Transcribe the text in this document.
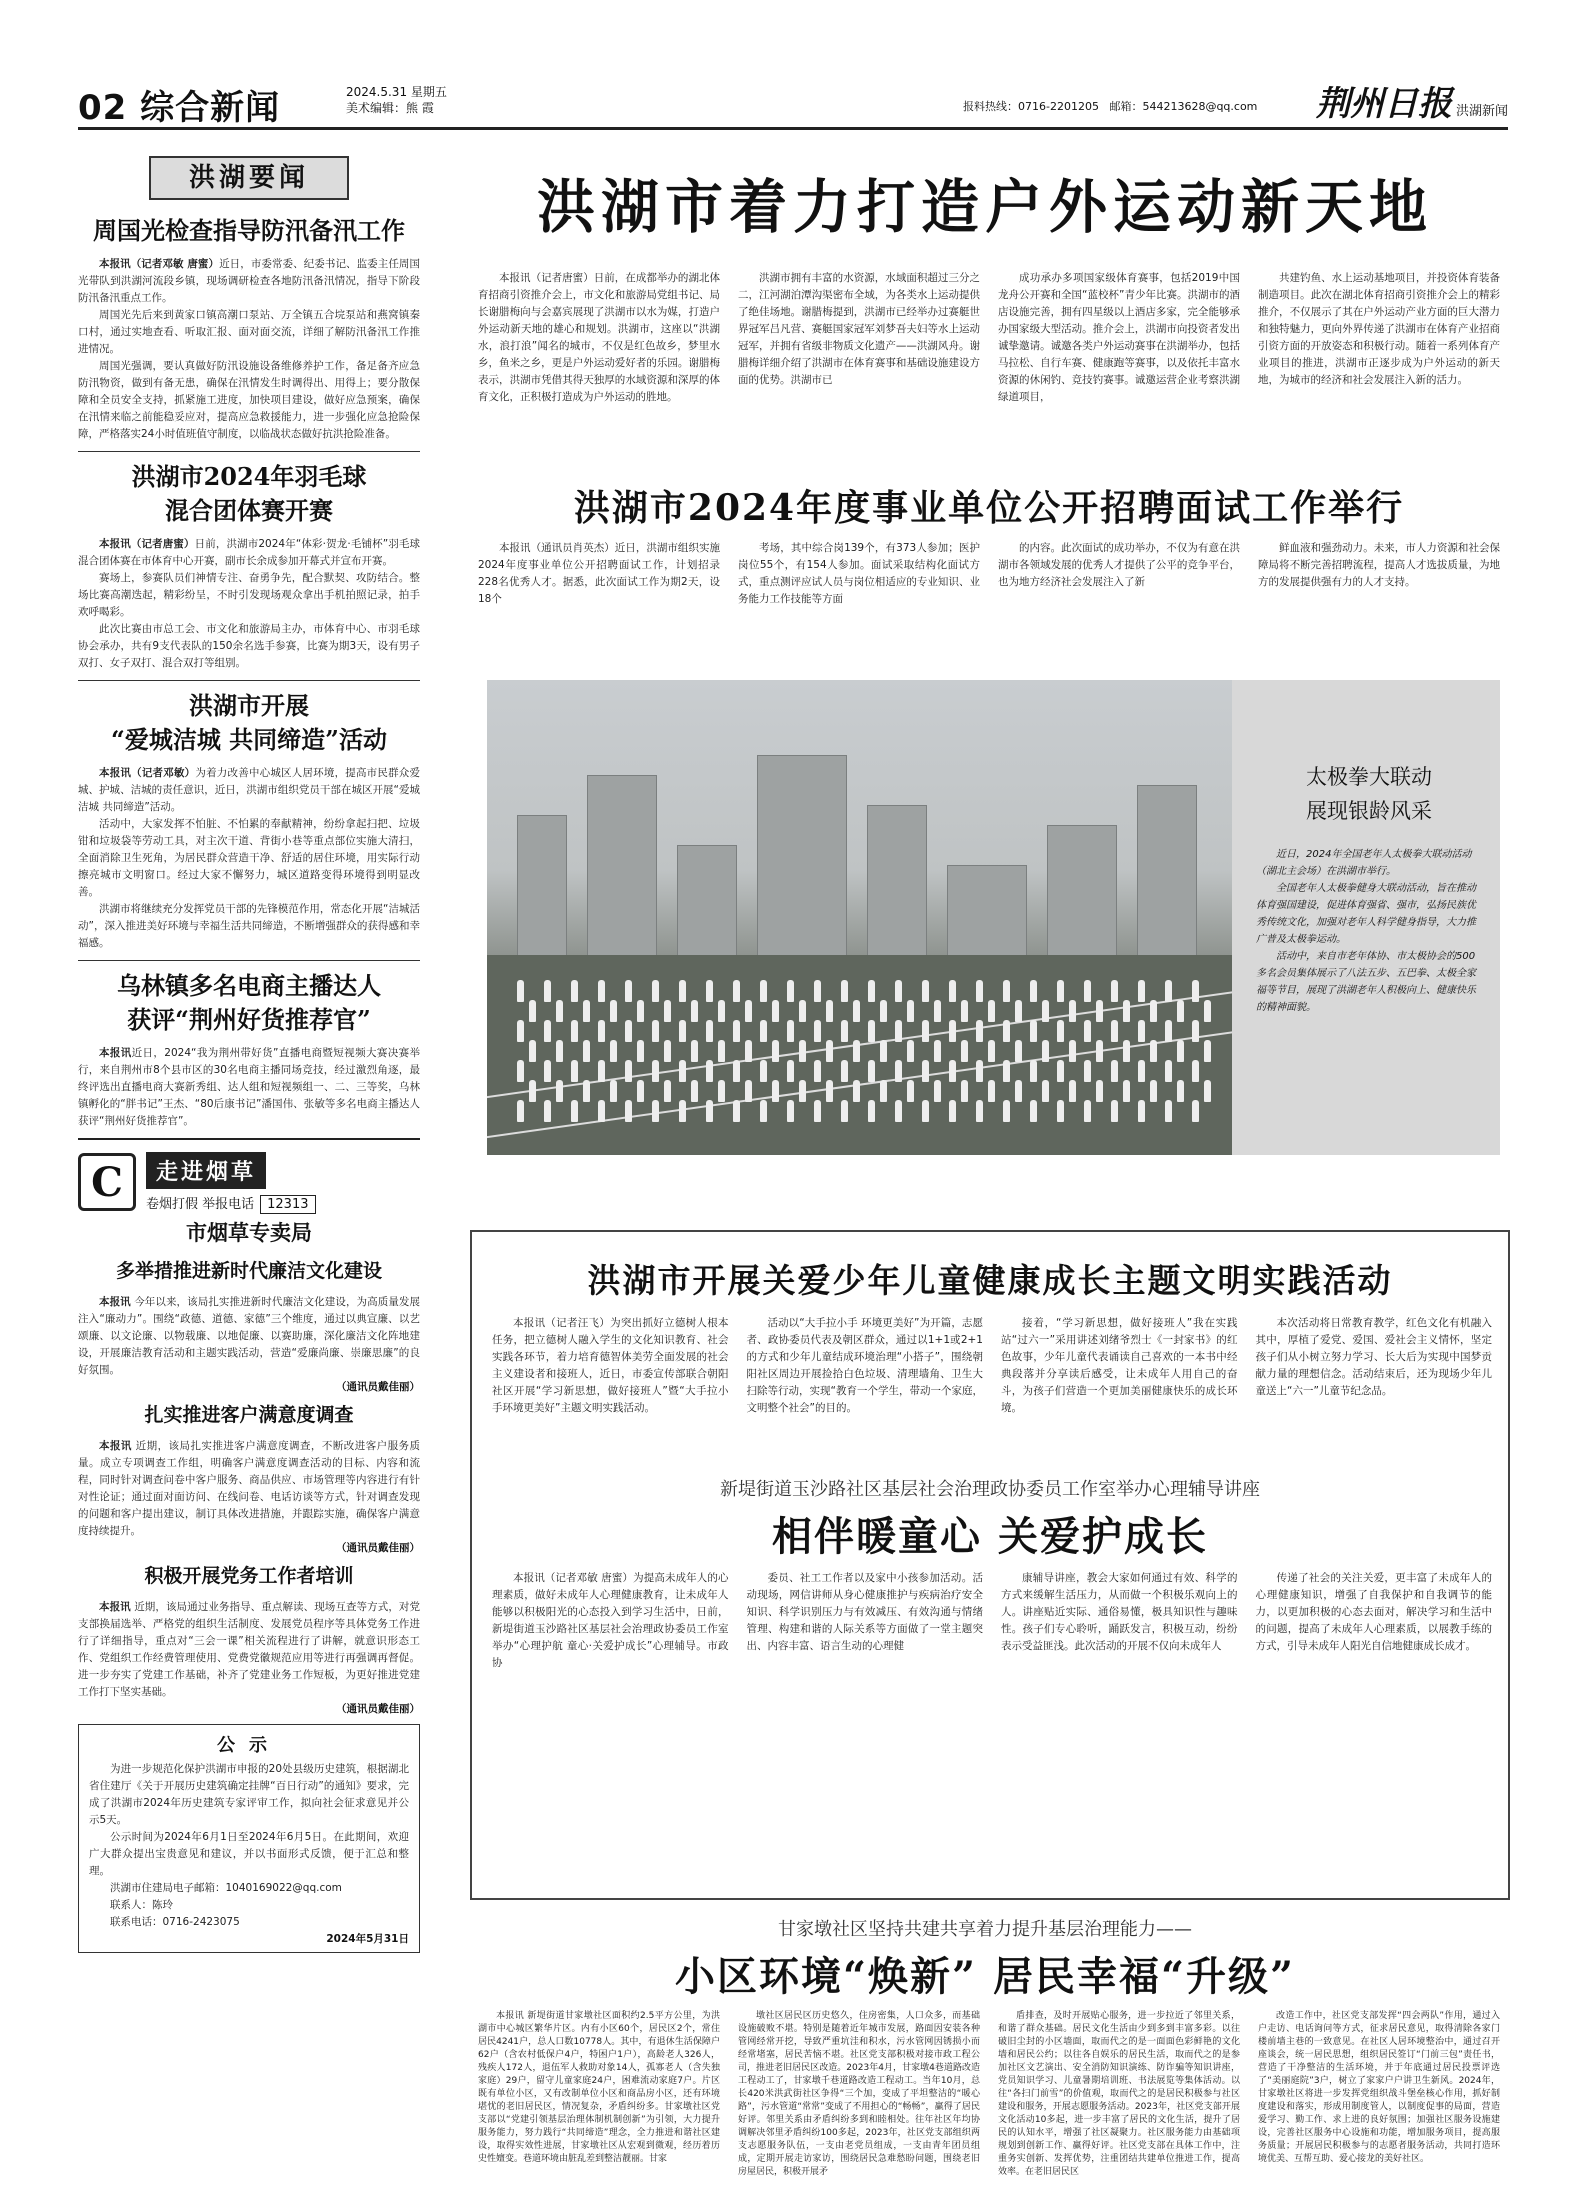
02 综合新闻	2024.5.31 星期五
美术编辑：熊 霞	报料热线：0716-2201205 邮箱：544213628@qq.com 荆州日报 洪湖新闻
洪湖要闻
周国光检查指导防汛备汛工作

本报讯（记者邓敏 唐蜜）近日，市委常委、纪委书记、监委主任周国光带队到洪湖河流段乡镇，现场调研检查各地防汛备汛情况，指导下阶段防汛备汛重点工作。

周国光先后来到黄家口镇高潮口泵站、万全镇五合垸泵站和燕窝镇秦口村，通过实地查看、听取汇报、面对面交流，详细了解防汛备汛工作推进情况。

周国光强调，要认真做好防汛设施设备维修养护工作，备足备齐应急防汛物资，做到有备无患，确保在汛情发生时调得出、用得上；要分散保障和全员安全支持，抓紧施工进度，加快项目建设，做好应急预案，确保在汛情来临之前能稳妥应对，提高应急救援能力，进一步强化应急抢险保障，严格落实24小时值班值守制度，以临战状态做好抗洪抢险准备。

洪湖市2024年羽毛球
混合团体赛开赛

本报讯（记者唐蜜）日前，洪湖市2024年“体彩·贺龙·毛铺杯”羽毛球混合团体赛在市体育中心开赛，副市长余成参加开幕式并宣布开赛。

赛场上，参赛队员们神情专注、奋勇争先，配合默契、攻防结合。整场比赛高潮迭起，精彩纷呈，不时引发现场观众拿出手机拍照记录，拍手欢呼喝彩。

此次比赛由市总工会、市文化和旅游局主办，市体育中心、市羽毛球协会承办，共有9支代表队的150余名选手参赛，比赛为期3天，设有男子双打、女子双打、混合双打等组别。

洪湖市开展
“爱城洁城 共同缔造”活动

本报讯（记者邓敏）为着力改善中心城区人居环境，提高市民群众爱城、护城、洁城的责任意识，近日，洪湖市组织党员干部在城区开展“爱城洁城 共同缔造”活动。

活动中，大家发挥不怕脏、不怕累的奉献精神，纷纷拿起扫把、垃圾钳和垃圾袋等劳动工具，对主次干道、背街小巷等重点部位实施大清扫，全面消除卫生死角，为居民群众营造干净、舒适的居住环境，用实际行动擦亮城市文明窗口。经过大家不懈努力，城区道路变得环境得到明显改善。

洪湖市将继续充分发挥党员干部的先锋模范作用，常态化开展“洁城活动”，深入推进美好环境与幸福生活共同缔造，不断增强群众的获得感和幸福感。

乌林镇多名电商主播达人
获评“荆州好货推荐官”

本报讯近日，2024“我为荆州带好货”直播电商暨短视频大赛决赛举行，来自荆州市8个县市区的30名电商主播同场竞技，经过激烈角逐，最终评选出直播电商大赛新秀组、达人组和短视频组一、二、三等奖，乌林镇孵化的“胖书记”王杰、“80后康书记”潘国伟、张敏等多名电商主播达人获评“荆州好货推荐官”。

C	走进烟草
卷烟打假 举报电话 12313
市烟草专卖局
多举措推进新时代廉洁文化建设

本报讯 今年以来，该局扎实推进新时代廉洁文化建设，为高质量发展注入“廉动力”。围绕“政德、道德、家德”三个维度，通过以典宣廉、以艺颂廉、以文论廉、以物载廉、以地促廉、以赛助廉，深化廉洁文化阵地建设，开展廉洁教育活动和主题实践活动，营造“爱廉尚廉、崇廉思廉”的良好氛围。

（通讯员戴佳丽）
扎实推进客户满意度调查

本报讯 近期，该局扎实推进客户满意度调查，不断改进客户服务质量。成立专项调查工作组，明确客户满意度调查活动的目标、内容和流程，同时针对调查问卷中客户服务、商品供应、市场管理等内容进行有针对性论证；通过面对面访问、在线问卷、电话访谈等方式，针对调查发现的问题和客户提出建议，制订具体改进措施，并跟踪实施，确保客户满意度持续提升。

（通讯员戴佳丽）
积极开展党务工作者培训

本报讯 近期，该局通过业务指导、重点解读、现场互查等方式，对党支部换届选举、严格党的组织生活制度、发展党员程序等具体党务工作进行了详细指导，重点对“三会一课”相关流程进行了讲解，就意识形态工作、党组织工作经费管理使用、党费党徽规范应用等进行再强调再督促。进一步夯实了党建工作基础，补齐了党建业务工作短板，为更好推进党建工作打下坚实基础。

（通讯员戴佳丽）
公示

为进一步规范化保护洪湖市申报的20处县级历史建筑，根据湖北省住建厅《关于开展历史建筑确定挂牌“百日行动”的通知》要求，完成了洪湖市2024年历史建筑专家评审工作，拟向社会征求意见并公示5天。

公示时间为2024年6月1日至2024年6月5日。在此期间，欢迎广大群众提出宝贵意见和建议，并以书面形式反馈，便于汇总和整理。

洪湖市住建局电子邮箱：1040169022@qq.com

联系人：陈玲

联系电话：0716-2423075

2024年5月31日
洪湖市着力打造户外运动新天地

本报讯（记者唐蜜）日前，在成都举办的湖北体育招商引资推介会上，市文化和旅游局党组书记、局长谢腊梅向与会嘉宾展现了洪湖市以水为媒，打造户外运动新天地的雄心和规划。洪湖市，这座以“洪湖水，浪打浪”闻名的城市，不仅是红色故乡，梦里水乡，鱼米之乡，更是户外运动爱好者的乐园。谢腊梅表示，洪湖市凭借其得天独厚的水域资源和深厚的体育文化，正积极打造成为户外运动的胜地。

洪湖市拥有丰富的水资源，水域面积超过三分之二，江河湖泊潭沟渠密布全域，为各类水上运动提供了绝佳场地。谢腊梅提到，洪湖市已经举办过赛艇世界冠军吕凡营、赛艇国家冠军刘梦吾夫妇等水上运动冠军，并拥有省级非物质文化遗产——洪湖风舟。谢腊梅详细介绍了洪湖市在体育赛事和基础设施建设方面的优势。洪湖市已

成功承办多项国家级体育赛事，包括2019中国龙舟公开赛和全国“蓝校杯”青少年比赛。洪湖市的酒店设施完善，拥有四星级以上酒店多家，完全能够承办国家级大型活动。推介会上，洪湖市向投资者发出诚挚邀请。诚邀各类户外运动赛事在洪湖举办，包括马拉松、自行车赛、健康跑等赛事，以及依托丰富水资源的休闲钓、竞技钓赛事。诚邀运营企业考察洪湖绿道项目，

共建钓鱼、水上运动基地项目，并投资体育装备制造项目。此次在湖北体育招商引资推介会上的精彩推介，不仅展示了其在户外运动产业方面的巨大潜力和独特魅力，更向外界传递了洪湖市在体育产业招商引资方面的开放姿态和积极行动。随着一系列体育产业项目的推进，洪湖市正逐步成为户外运动的新天地，为城市的经济和社会发展注入新的活力。

洪湖市2024年度事业单位公开招聘面试工作举行

本报讯（通讯员肖英杰）近日，洪湖市组织实施2024年度事业单位公开招聘面试工作，计划招录228名优秀人才。据悉，此次面试工作为期2天，设18个

考场，其中综合岗139个，有373人参加；医护岗位55个，有154人参加。面试采取结构化面试方式，重点测评应试人员与岗位相适应的专业知识、业务能力工作技能等方面

的内容。此次面试的成功举办，不仅为有意在洪湖市各领域发展的优秀人才提供了公平的竞争平台，也为地方经济社会发展注入了新

鲜血液和强劲动力。未来，市人力资源和社会保障局将不断完善招聘流程，提高人才选拔质量，为地方的发展提供强有力的人才支持。

太极拳大联动
展现银龄风采

近日，2024年全国老年人太极拳大联动活动（湖北主会场）在洪湖市举行。

全国老年人太极拳健身大联动活动，旨在推动体育强国建设，促进体育强省、强市，弘扬民族优秀传统文化，加强对老年人科学健身指导，大力推广普及太极拳运动。

活动中，来自市老年体协、市太极协会的500多名会员集体展示了八法五步、五巴拳、太极全家福等节目，展现了洪湖老年人积极向上、健康快乐的精神面貌。

洪湖市开展关爱少年儿童健康成长主题文明实践活动

本报讯（记者汪飞）为突出抓好立德树人根本任务，把立德树人融入学生的文化知识教育、社会实践各环节，着力培育德智体美劳全面发展的社会主义建设者和接班人，近日，市委宣传部联合朝阳社区开展“学习新思想，做好接班人”暨“大手拉小手环境更美好”主题文明实践活动。

活动以“大手拉小手 环境更美好”为开篇，志愿者、政协委员代表及朝区群众，通过以1+1或2+1的方式和少年儿童结成环境治理“小搭子”，围绕朝阳社区周边开展捡拾白色垃圾、清理墙角、卫生大扫除等行动，实现“教育一个学生，带动一个家庭，文明整个社会”的目的。

接着，“学习新思想，做好接班人”我在实践站“过六一”采用讲述刘绪爷烈士《一封家书》的红色故事，少年儿童代表诵读自己喜欢的一本书中经典段落并分享读后感受，让未成年人用自己的奋斗，为孩子们营造一个更加美丽健康快乐的成长环境。

本次活动将日常教育教学，红色文化有机融入其中，厚植了爱党、爱国、爱社会主义情怀，坚定孩子们从小树立努力学习、长大后为实现中国梦贡献力量的理想信念。活动结束后，还为现场少年儿童送上“六一”儿童节纪念品。

新堤街道玉沙路社区基层社会治理政协委员工作室举办心理辅导讲座
相伴暖童心 关爱护成长

本报讯（记者邓敏 唐蜜）为提高未成年人的心理素质，做好未成年人心理健康教育，让未成年人能够以积极阳光的心态投入到学习生活中，日前，新堤街道玉沙路社区基层社会治理政协委员工作室举办“心理护航 童心·关爱护成长”心理辅导。市政协

委员、社工工作者以及家中小孩参加活动。活动现场，网信讲师从身心健康推护与疾病治疗安全知识、科学识别压力与有效减压、有效沟通与情绪管理、构建和谐的人际关系等方面做了一堂主题突出、内容丰富、语言生动的心理健

康辅导讲座，教会大家如何通过有效、科学的方式来缓解生活压力，从而做一个积极乐观向上的人。讲座贴近实际、通俗易懂，极具知识性与趣味性。孩子们专心聆听，踊跃发言，积极互动，纷纷表示受益匪浅。此次活动的开展不仅向未成年人

传递了社会的关注关爱，更丰富了未成年人的心理健康知识，增强了自我保护和自我调节的能力，以更加积极的心态去面对，解决学习和生活中的问题，提高了未成年人心理素质，以展教手练的方式，引导未成年人阳光自信地健康成长成才。

甘家墩社区坚持共建共享着力提升基层治理能力——
小区环境“焕新” 居民幸福“升级”

本报讯 新堤街道甘家墩社区面积约2.5平方公里，为洪湖市中心城区繁华片区。内有小区60个，居民区2个，常住居民4241户，总人口数10778人。其中，有退休生活保障户62户（含农村低保户4户，特困户1户），高龄老人326人，残疾人172人，退伍军人救助对象14人，孤寡老人（含失独家庭）29户，留守儿童家庭24户，困难流动家庭7户。片区既有单位小区，又有改制单位小区和商品房小区，还有环境堪忧的老旧居民区，情况复杂，矛盾纠纷多。甘家墩社区党支部以“党建引领基层治理体制机制创新”为引领，大力提升服务能力，努力践行“共同缔造”理念，全力推进和谐社区建设，取得实效性进展，甘家墩社区从宏观到微观，经历着历史性嬗变。巷道环境由脏乱差到整洁靓丽。甘家

墩社区居民区历史悠久，住房密集，人口众多，而基础设施破败不堪。特别是随着近年城市发展，路面因安装各种管网经常开挖，导致严重坑洼和积水，污水管网因锈损小而经常堵塞，居民苦恼不堪。社区党支部积极对接市政工程公司，推进老旧居民区改造。2023年4月，甘家墩4巷道路改造工程动工了，甘家墩千巷道路改造工程动工。当年10月，总长420米洪武街社区争得“三个加，变成了平坦整洁的“暖心路”，污水管道“常常”变成了不用担心的“畅畅”，赢得了居民好评。邻里关系由矛盾纠纷多到和睦相处。往年社区年均协调解决邻里矛盾纠纷100多起，2023年，社区党支部组织两支志愿服务队伍，一支由老党员组成，一支由青年团员组成，定期开展走访家访，围绕居民急难愁盼问题，围绕老旧房屋居民，积极开展矛

盾排查，及时开展贴心服务，进一步拉近了邻里关系，和谐了群众基础。居民文化生活由少到多到丰富多彩。以往破旧尘封的小区墙面，取而代之的是一面面色彩鲜艳的文化墙和居民公约；以往各自娱乐的居民生活，取而代之的是参加社区文艺演出、安全消防知识演练、防诈骗等知识讲座，党员知识学习、儿童暑期培训班、书法展览等集体活动。以往“各扫门前雪”的价值观，取而代之的是居民积极参与社区建设和服务，开展志愿服务活动。2023年，社区党支部开展文化活动10多起，进一步丰富了居民的文化生活，提升了居民的认知水平，增强了社区凝聚力。社区服务能力由基础项规划到创新工作、赢得好评。社区党支部在具体工作中，注重务实创新、发挥优势，注重团结共建单位推进工作，提高效率。在老旧居民区

改造工作中，社区党支部发挥“四会两队”作用，通过入户走访、电话询问等方式，征求居民意见，取得清除各家门楼前墙主巷的一致意见。在社区人居环境整治中，通过召开座谈会，统一居民思想，组织居民签订“门前三包”责任书，营造了干净整洁的生活环境，并于年底通过居民投票评选了“美丽庭院”3户，树立了家家户户讲卫生新风。2024年，甘家墩社区将进一步发挥党组织战斗堡垒核心作用，抓好制度建设和落实，形成用制度管人，以制度促事的局面，营造爱学习、勤工作、求上进的良好氛围；加强社区服务设施建设，完善社区服务中心设施和功能，增加服务项目，提高服务质量；开展居民积极参与的志愿者服务活动，共同打造环境优美、互帮互助、爱心接龙的美好社区。
